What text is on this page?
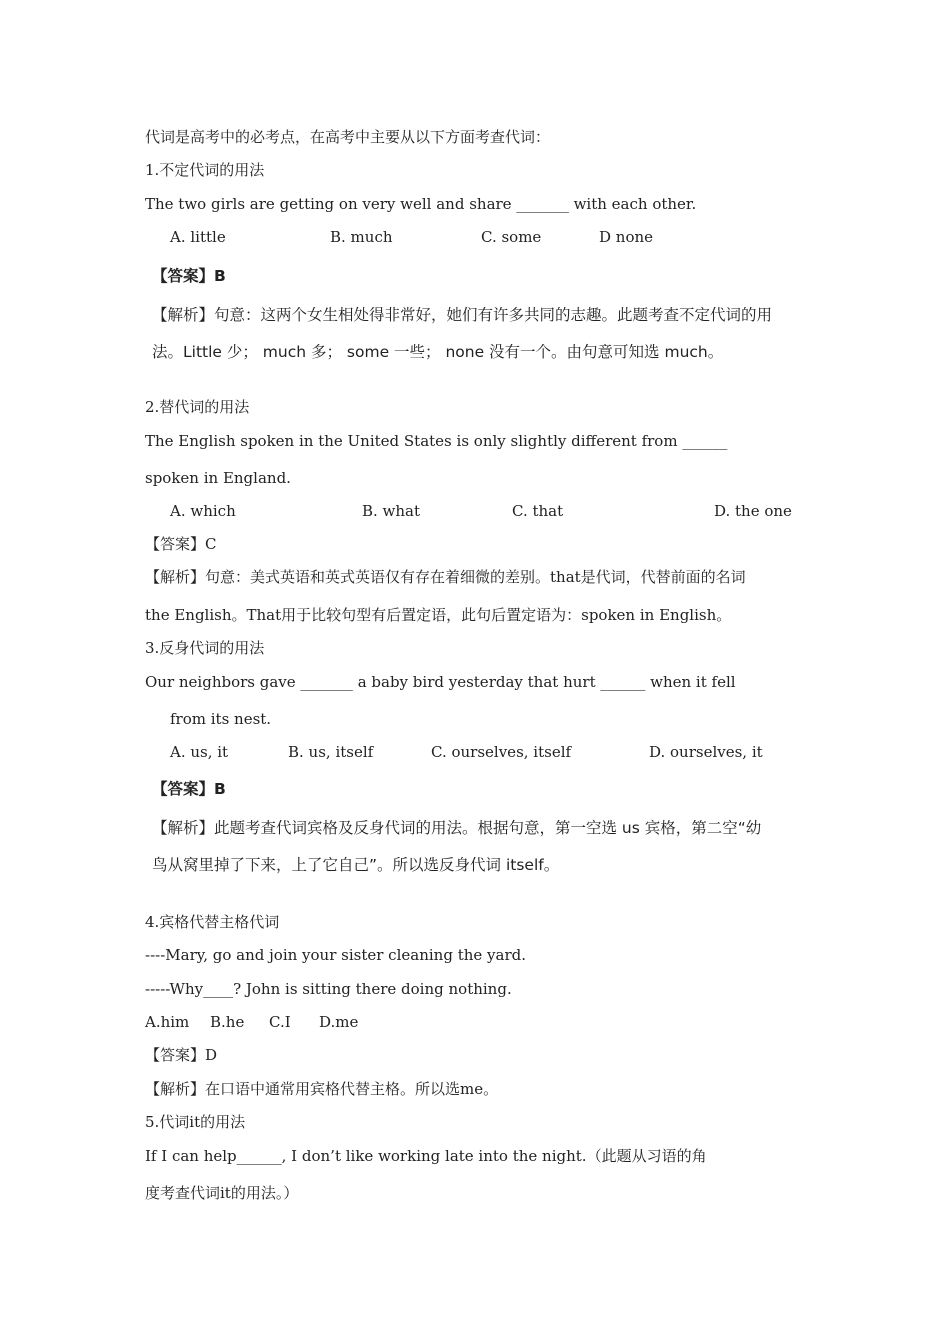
代词是高考中的必考点，在高考中主要从以下方面考查代词：
1.不定代词的用法
The two girls are getting on very well and share _______ with each other.
A. little	B. much	C. some	D none
【答案】B
【解析】句意：这两个女生相处得非常好，她们有许多共同的志趣。此题考查不定代词的用
法。Little 少； much 多； some 一些； none 没有一个。由句意可知选 much。
2.替代词的用法
The English spoken in the United States is only slightly different from ______
spoken in England.
A. which	B. what	C. that	D. the one
【答案】C
【解析】句意：美式英语和英式英语仅有存在着细微的差别。that是代词，代替前面的名词
the English。That用于比较句型有后置定语，此句后置定语为：spoken in English。
3.反身代词的用法
Our neighbors gave _______ a baby bird yesterday that hurt ______ when it fell
from its nest.
A. us, it	B. us, itself	C. ourselves, itself	D. ourselves, it
【答案】B
【解析】此题考查代词宾格及反身代词的用法。根据句意，第一空选 us 宾格，第二空“幼
鸟从窝里掉了下来，上了它自己”。所以选反身代词 itself。
4.宾格代替主格代词
----Mary, go and join your sister cleaning the yard.
-----Why____? John is sitting there doing nothing.
A.him B.he C.I D.me
【答案】D
【解析】在口语中通常用宾格代替主格。所以选me。
5.代词it的用法
If I can help______, I don’t like working late into the night.（此题从习语的角
度考查代词it的用法。）
